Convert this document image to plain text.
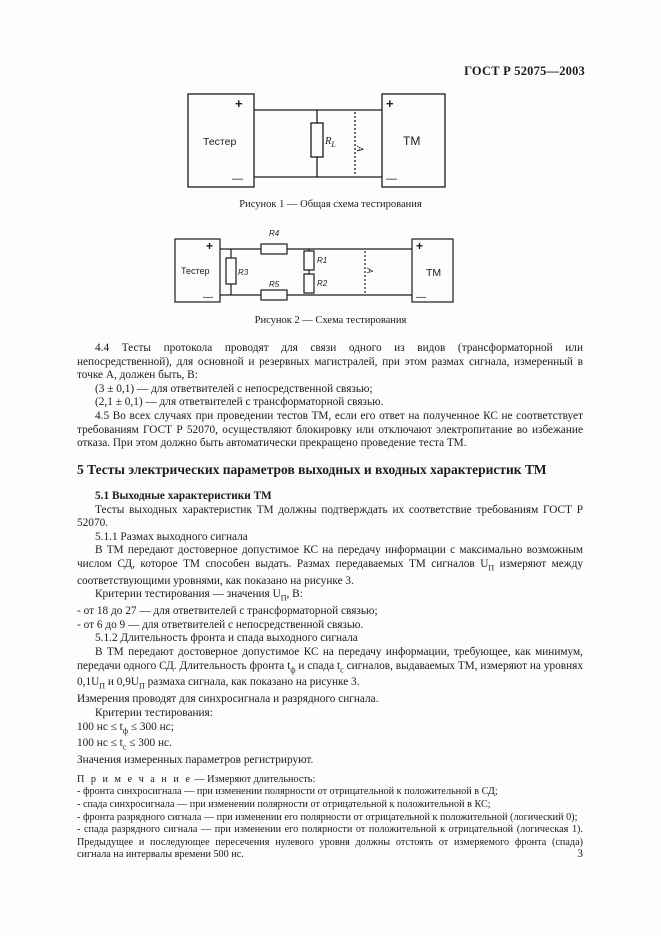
ГОСТ Р 52075—2003
Тестер	ТМ
+
—
+
—
$R_L$ A
Рисунок 1 — Общая схема тестирования
Тестер	ТМ
+
—
+
—
R4
R3
R5
R1
R2
A
Рисунок 2 — Схема тестирования

4.4 Тесты протокола проводят для связи одного из видов (трансформаторной или непосредственной), для основной и резервных магистралей, при этом размах сигнала, измеренный в точке A, должен быть, В:

(3 ± 0,1) — для ответвителей с непосредственной связью;

(2,1 ± 0,1) — для ответвителей с трансформаторной связью.

4.5 Во всех случаях при проведении тестов ТМ, если его ответ на полученное КС не соответствует требованиям ГОСТ Р 52070, осуществляют блокировку или отключают электропитание во избежание отказа. При этом должно быть автоматически прекращено проведение теста ТМ.

5 Тесты электрических параметров выходных и входных характеристик ТМ

5.1 Выходные характеристики ТМ

Тесты выходных характеристик ТМ должны подтверждать их соответствие требованиям ГОСТ Р 52070.

5.1.1 Размах выходного сигнала

В ТМ передают достоверное допустимое КС на передачу информации с максимально возможным числом СД, которое ТМ способен выдать. Размах передаваемых ТМ сигналов $U_П$ измеряют между соответствующими уровнями, как показано на рисунке 3.

Критерии тестирования — значения $U_П$, В:

- от 18 до 27 — для ответвителей с трансформаторной связью;

- от 6 до 9 — для ответвителей с непосредственной связью.

5.1.2 Длительность фронта и спада выходного сигнала

В ТМ передают достоверное допустимое КС на передачу информации, требующее, как минимум, передачи одного СД. Длительность фронта $t_ф$ и спада $t_с$ сигналов, выдаваемых ТМ, измеряют на уровнях $0,1U_П$ и $0,9U_П$ размаха сигнала, как показано на рисунке 3.

Измерения проводят для синхросигнала и разрядного сигнала.

Критерии тестирования:

100 нс ≤ $t_ф \le 300$ нс;

100 нс ≤ $t_с \le 300$ нс.

Значения измеренных параметров регистрируют.

П р и м е ч а н и е — Измеряют длительность:

- фронта синхросигнала — при изменении полярности от отрицательной к положительной в СД;

- спада синхросигнала — при изменении полярности от отрицательной к положительной в КС;

- фронта разрядного сигнала — при изменении его полярности от отрицательной к положительной (логический 0);

- спада разрядного сигнала — при изменении его полярности от положительной к отрицательной (логическая 1). Предыдущее и последующее пересечения нулевого уровня должны отстоять от измеряемого фронта (спада) сигнала на интервалы времени 500 нс.	3
